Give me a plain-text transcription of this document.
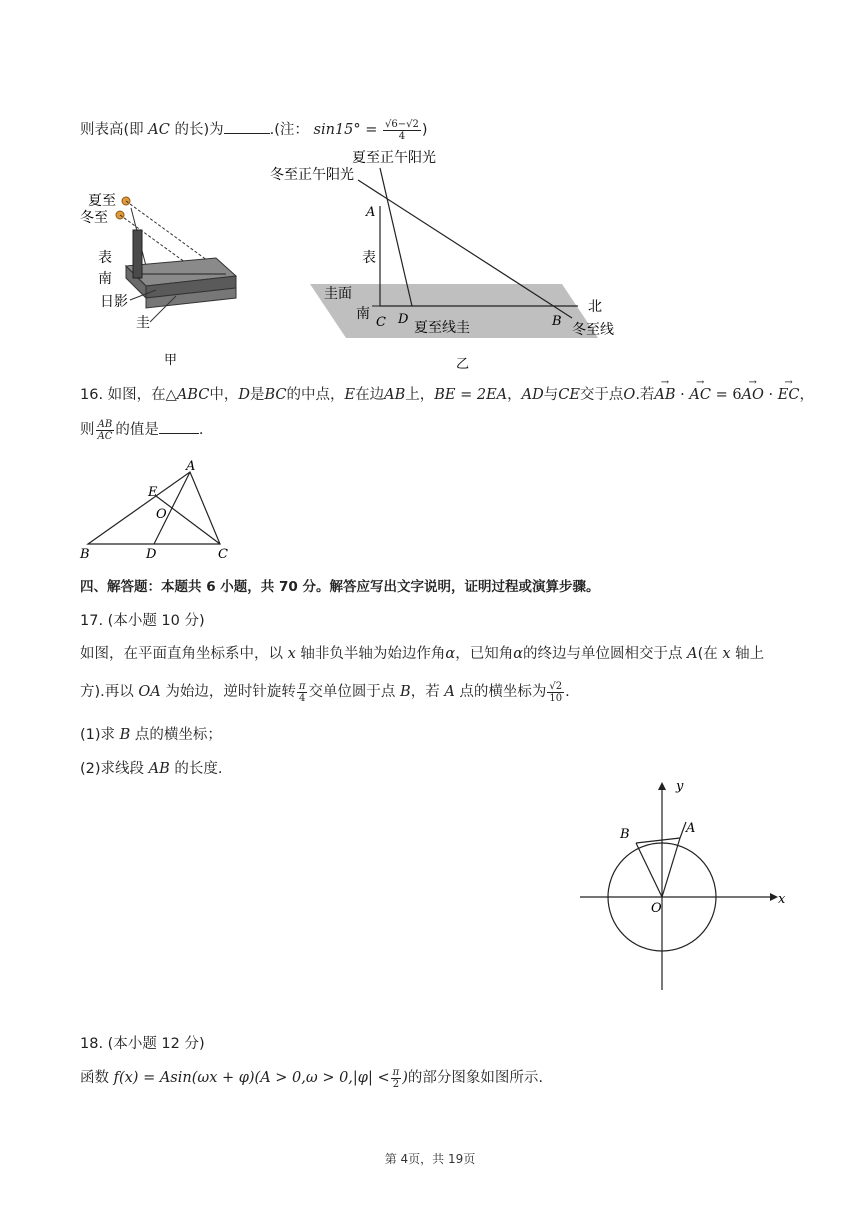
则表高(即 AC 的长)为	.(注： $\sin 15^\circ = \frac{√6-√2}{4}$ )
夏至
冬至
表
南
日影
圭
甲
夏至正午阳光
冬至正午阳光
A
表
圭面
南
C D
夏至线圭	B
北
冬至线
乙
16. 如图，在△ABC中，D是BC的中点，E在边AB上，BE = 2EA，AD与CE交于点O.若→ AB · → AC = 6→ AO · → EC，
则 $\frac{AB}{AC}$ 的值是	.
A
E
O
B	D	C
四、解答题：本题共 6 小题，共 70 分。解答应写出文字说明，证明过程或演算步骤。
17. (本小题 10 分)
如图，在平面直角坐标系中，以 x 轴非负半轴为始边作角α，已知角α的终边与单位圆相交于点 A(在 x 轴上
方).再以 OA 为始边，逆时针旋转 $\frac{\pi}{4}$ 交单位圆于点 B，若 A 点的横坐标为 $\frac{√2}{10}$ .
(1)求 B 点的横坐标；
(2)求线段 AB 的长度.
y
x
O
A
B
18. (本小题 12 分)
函数 $f(x) = Asin(\omega x + \varphi)(A > 0,\omega > 0,|\varphi| < \frac{\pi}{2}$ )的部分图象如图所示.
第 4页，共 19页
